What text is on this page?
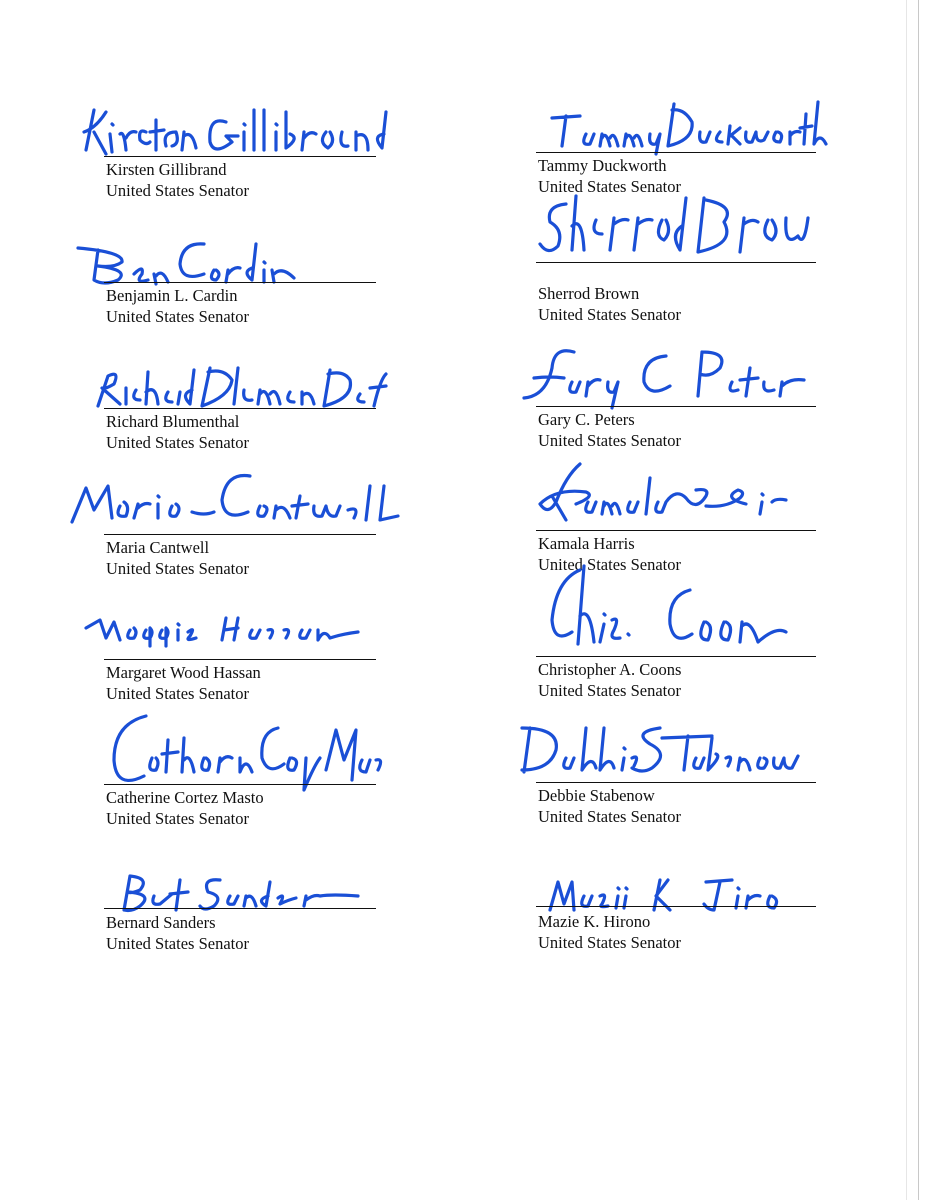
Kirsten Gillibrand
United States Senator
Benjamin L. Cardin
United States Senator
Richard Blumenthal
United States Senator
Maria Cantwell
United States Senator
Margaret Wood Hassan
United States Senator
Catherine Cortez Masto
United States Senator
Bernard Sanders
United States Senator
Tammy Duckworth
United States Senator
Sherrod Brown
United States Senator
Gary C. Peters
United States Senator
Kamala Harris
United States Senator
Christopher A. Coons
United States Senator
Debbie Stabenow
United States Senator
Mazie K. Hirono
United States Senator
